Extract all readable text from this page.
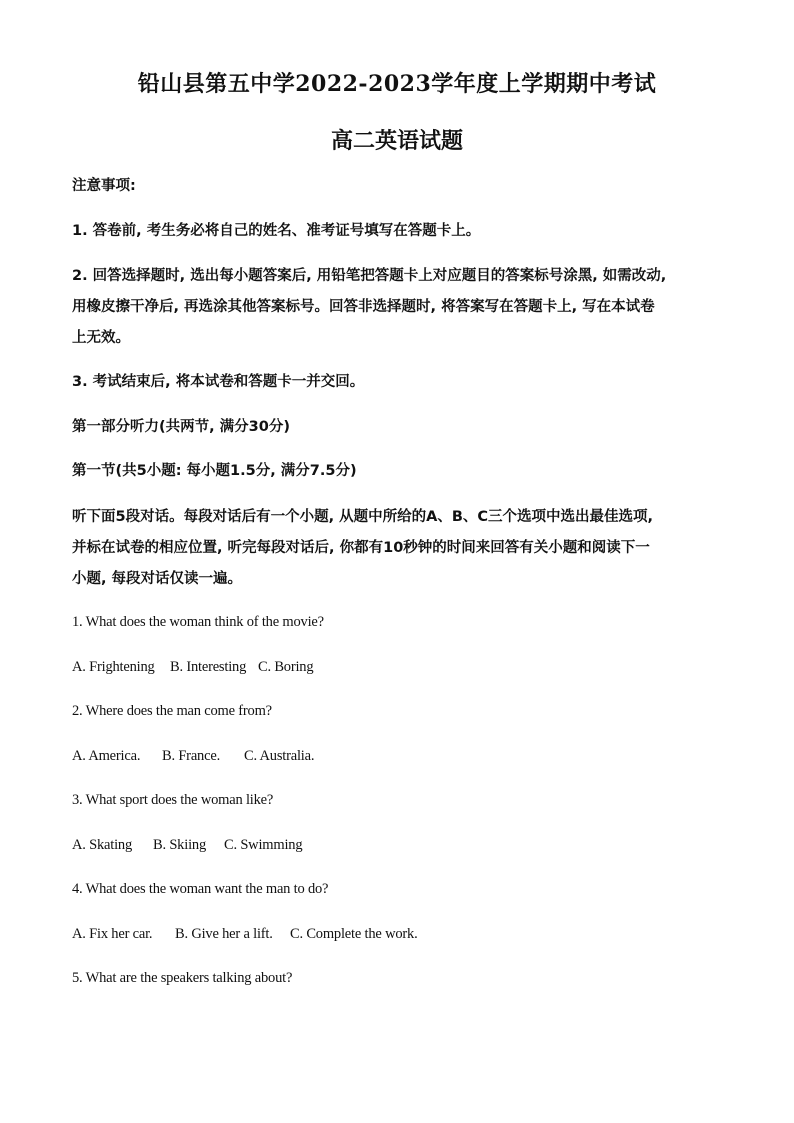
铅山县第五中学2022-2023学年度上学期期中考试
高二英语试题
注意事项:
1. 答卷前, 考生务必将自己的姓名、准考证号填写在答题卡上。
2. 回答选择题时, 选出每小题答案后, 用铅笔把答题卡上对应题目的答案标号涂黑, 如需改动,
用橡皮擦干净后, 再选涂其他答案标号。回答非选择题时, 将答案写在答题卡上, 写在本试卷
上无效。
3. 考试结束后, 将本试卷和答题卡一并交回。
第一部分听力(共两节, 满分30分)
第一节(共5小题: 每小题1.5分, 满分7.5分)
听下面5段对话。每段对话后有一个小题, 从题中所给的A、B、C三个选项中选出最佳选项,
并标在试卷的相应位置, 听完每段对话后, 你都有10秒钟的时间来回答有关小题和阅读下一
小题, 每段对话仅读一遍。
1. What does the woman think of the movie?
A. Frightening B. Interesting C. Boring
2. Where does the man come from?
A. America. B. France. C. Australia.
3. What sport does the woman like?
A. Skating B. Skiing C. Swimming
4. What does the woman want the man to do?
A. Fix her car. B. Give her a lift. C. Complete the work.
5. What are the speakers talking about?
